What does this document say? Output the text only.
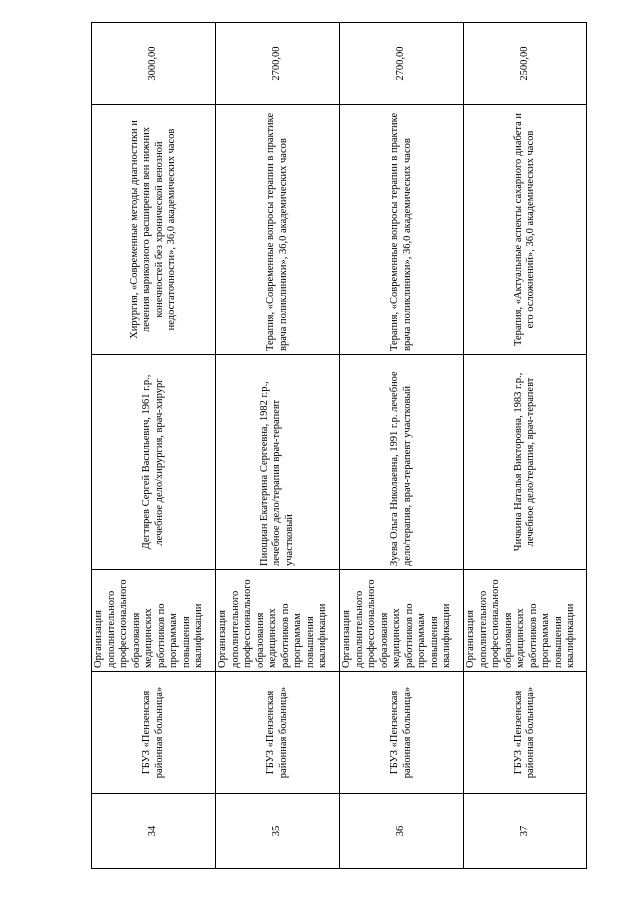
34	ГБУЗ «Пензенская районная больница»	Организация дополнительного профессионального образования медицинских работников по программам повышения квалификации	Дегтярев Сергей Васильевич, 1961 г.р., лечебное дело/хирургия, врач-хирург	Хирургия, «Современные методы диагностики и лечения варикозного расширения вен нижних конечностей без хронической венозной недостаточности», 36,0 академических часов	3000,00
35	ГБУЗ «Пензенская районная больница»	Организация дополнительного профессионального образования медицинских работников по программам повышения квалификации	Пиощиан Екатерина Сергеевна, 1982 г.р., лечебное дело/терапия врач-терапевт участковый	Терапия, «Современные вопросы терапии в практике врача поликлиники», 36,0 академических часов	2700,00
36	ГБУЗ «Пензенская районная больница»	Организация дополнительного профессионального образования медицинских работников по программам повышения квалификации	Зуева Ольга Николаевна, 1991 г.р. лечебное дело/терапия, врач-терапевт участковый	Терапия, «Современные вопросы терапии в практике врача поликлиники», 36,0 академических часов	2700,00
37	ГБУЗ «Пензенская районная больница»	Организация дополнительного профессионального образования медицинских работников по программам повышения квалификации	Чичкина Наталья Викторовна, 1983 г.р., лечебное дело/терапия, врач-терапевт	Терапия, «Актуальные аспекты сахарного диабета и его осложнений», 36,0 академических часов	2500,00
